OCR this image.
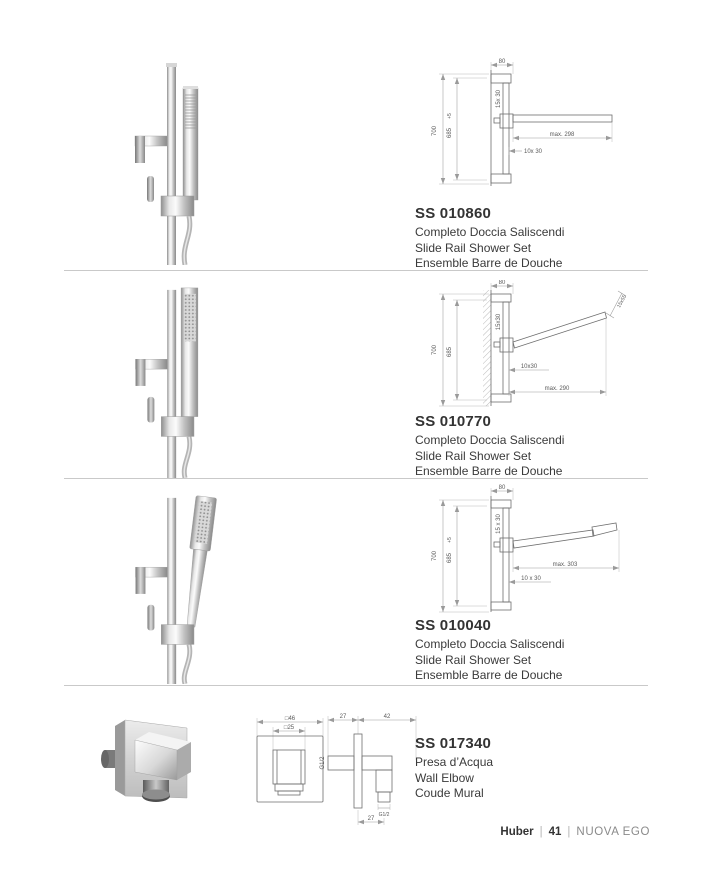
80
700 685
+5
15x 30
max. 298
10x 30
SS 010860
Completo Doccia Saliscendi
Slide Rail Shower Set
Ensemble Barre de Douche
80
700 685
15x30
15x55
10x30
max. 290
SS 010770
Completo Doccia Saliscendi
Slide Rail Shower Set
Ensemble Barre de Douche
80
700 685
+5
15 x 30
max. 303
10 x 30
SS 010040
Completo Doccia Saliscendi
Slide Rail Shower Set
Ensemble Barre de Douche
□46
□25
27	42
G1/2
G1/2
27
SS 017340
Presa d’Acqua
Wall Elbow
Coude Mural
Huber | 41 | NUOVA EGO
